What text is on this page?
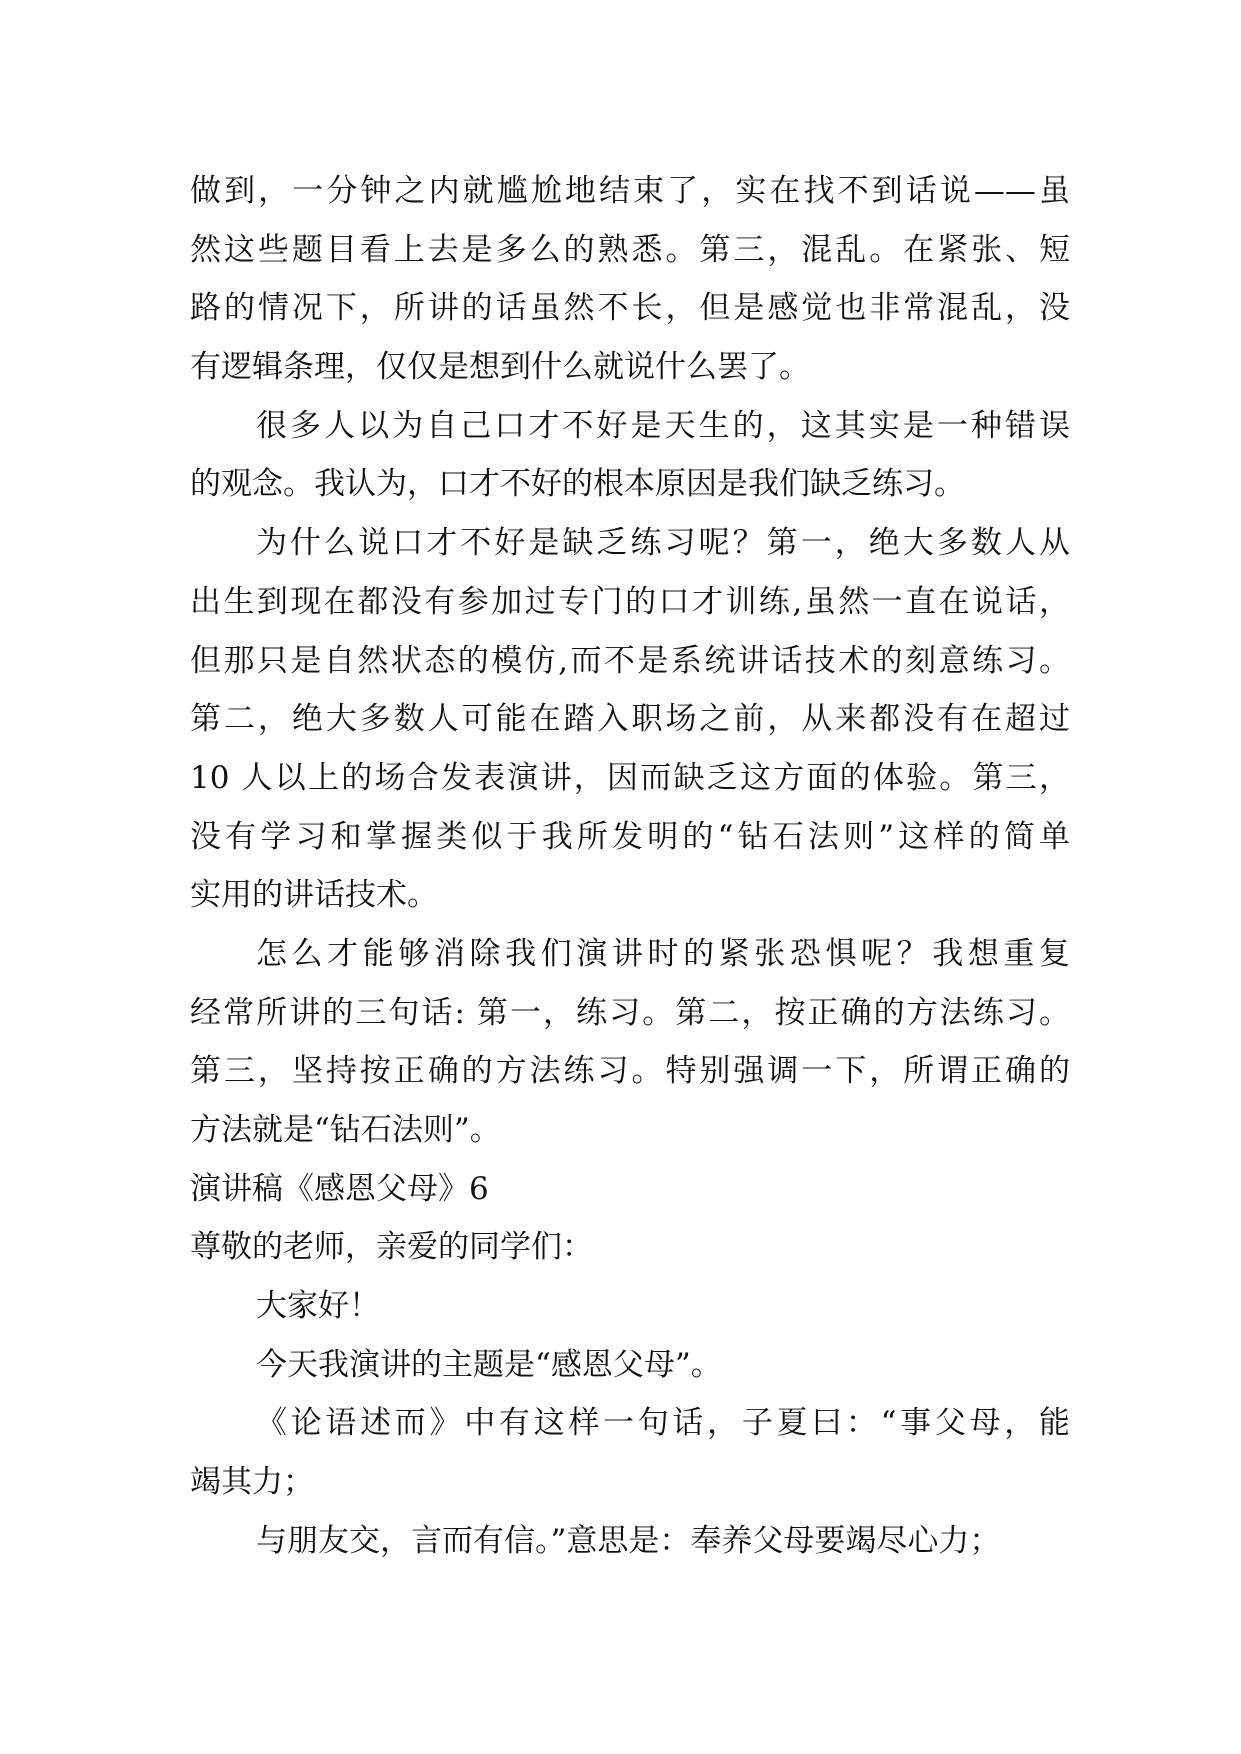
做到，一分钟之内就尴尬地结束了，实在找不到话说——虽
然这些题目看上去是多么的熟悉。第三，混乱。在紧张、短
路的情况下，所讲的话虽然不长，但是感觉也非常混乱，没
有逻辑条理，仅仅是想到什么就说什么罢了。
很多人以为自己口才不好是天生的，这其实是一种错误
的观念。我认为，口才不好的根本原因是我们缺乏练习。
为什么说口才不好是缺乏练习呢？第一，绝大多数人从
出生到现在都没有参加过专门的口才训练,虽然一直在说话，
但那只是自然状态的模仿,而不是系统讲话技术的刻意练习。
第二，绝大多数人可能在踏入职场之前，从来都没有在超过
10 人以上的场合发表演讲，因而缺乏这方面的体验。第三，
没有学习和掌握类似于我所发明的“钻石法则”这样的简单
实用的讲话技术。
怎么才能够消除我们演讲时的紧张恐惧呢？我想重复
经常所讲的三句话: 第一，练习。第二，按正确的方法练习。
第三，坚持按正确的方法练习。特别强调一下，所谓正确的
方法就是“钻石法则”。
演讲稿《感恩父母》6
尊敬的老师，亲爱的同学们：
大家好！
今天我演讲的主题是“感恩父母”。
《论语述而》中有这样一句话，子夏曰：“事父母，能
竭其力；
与朋友交，言而有信。”意思是：奉养父母要竭尽心力；
